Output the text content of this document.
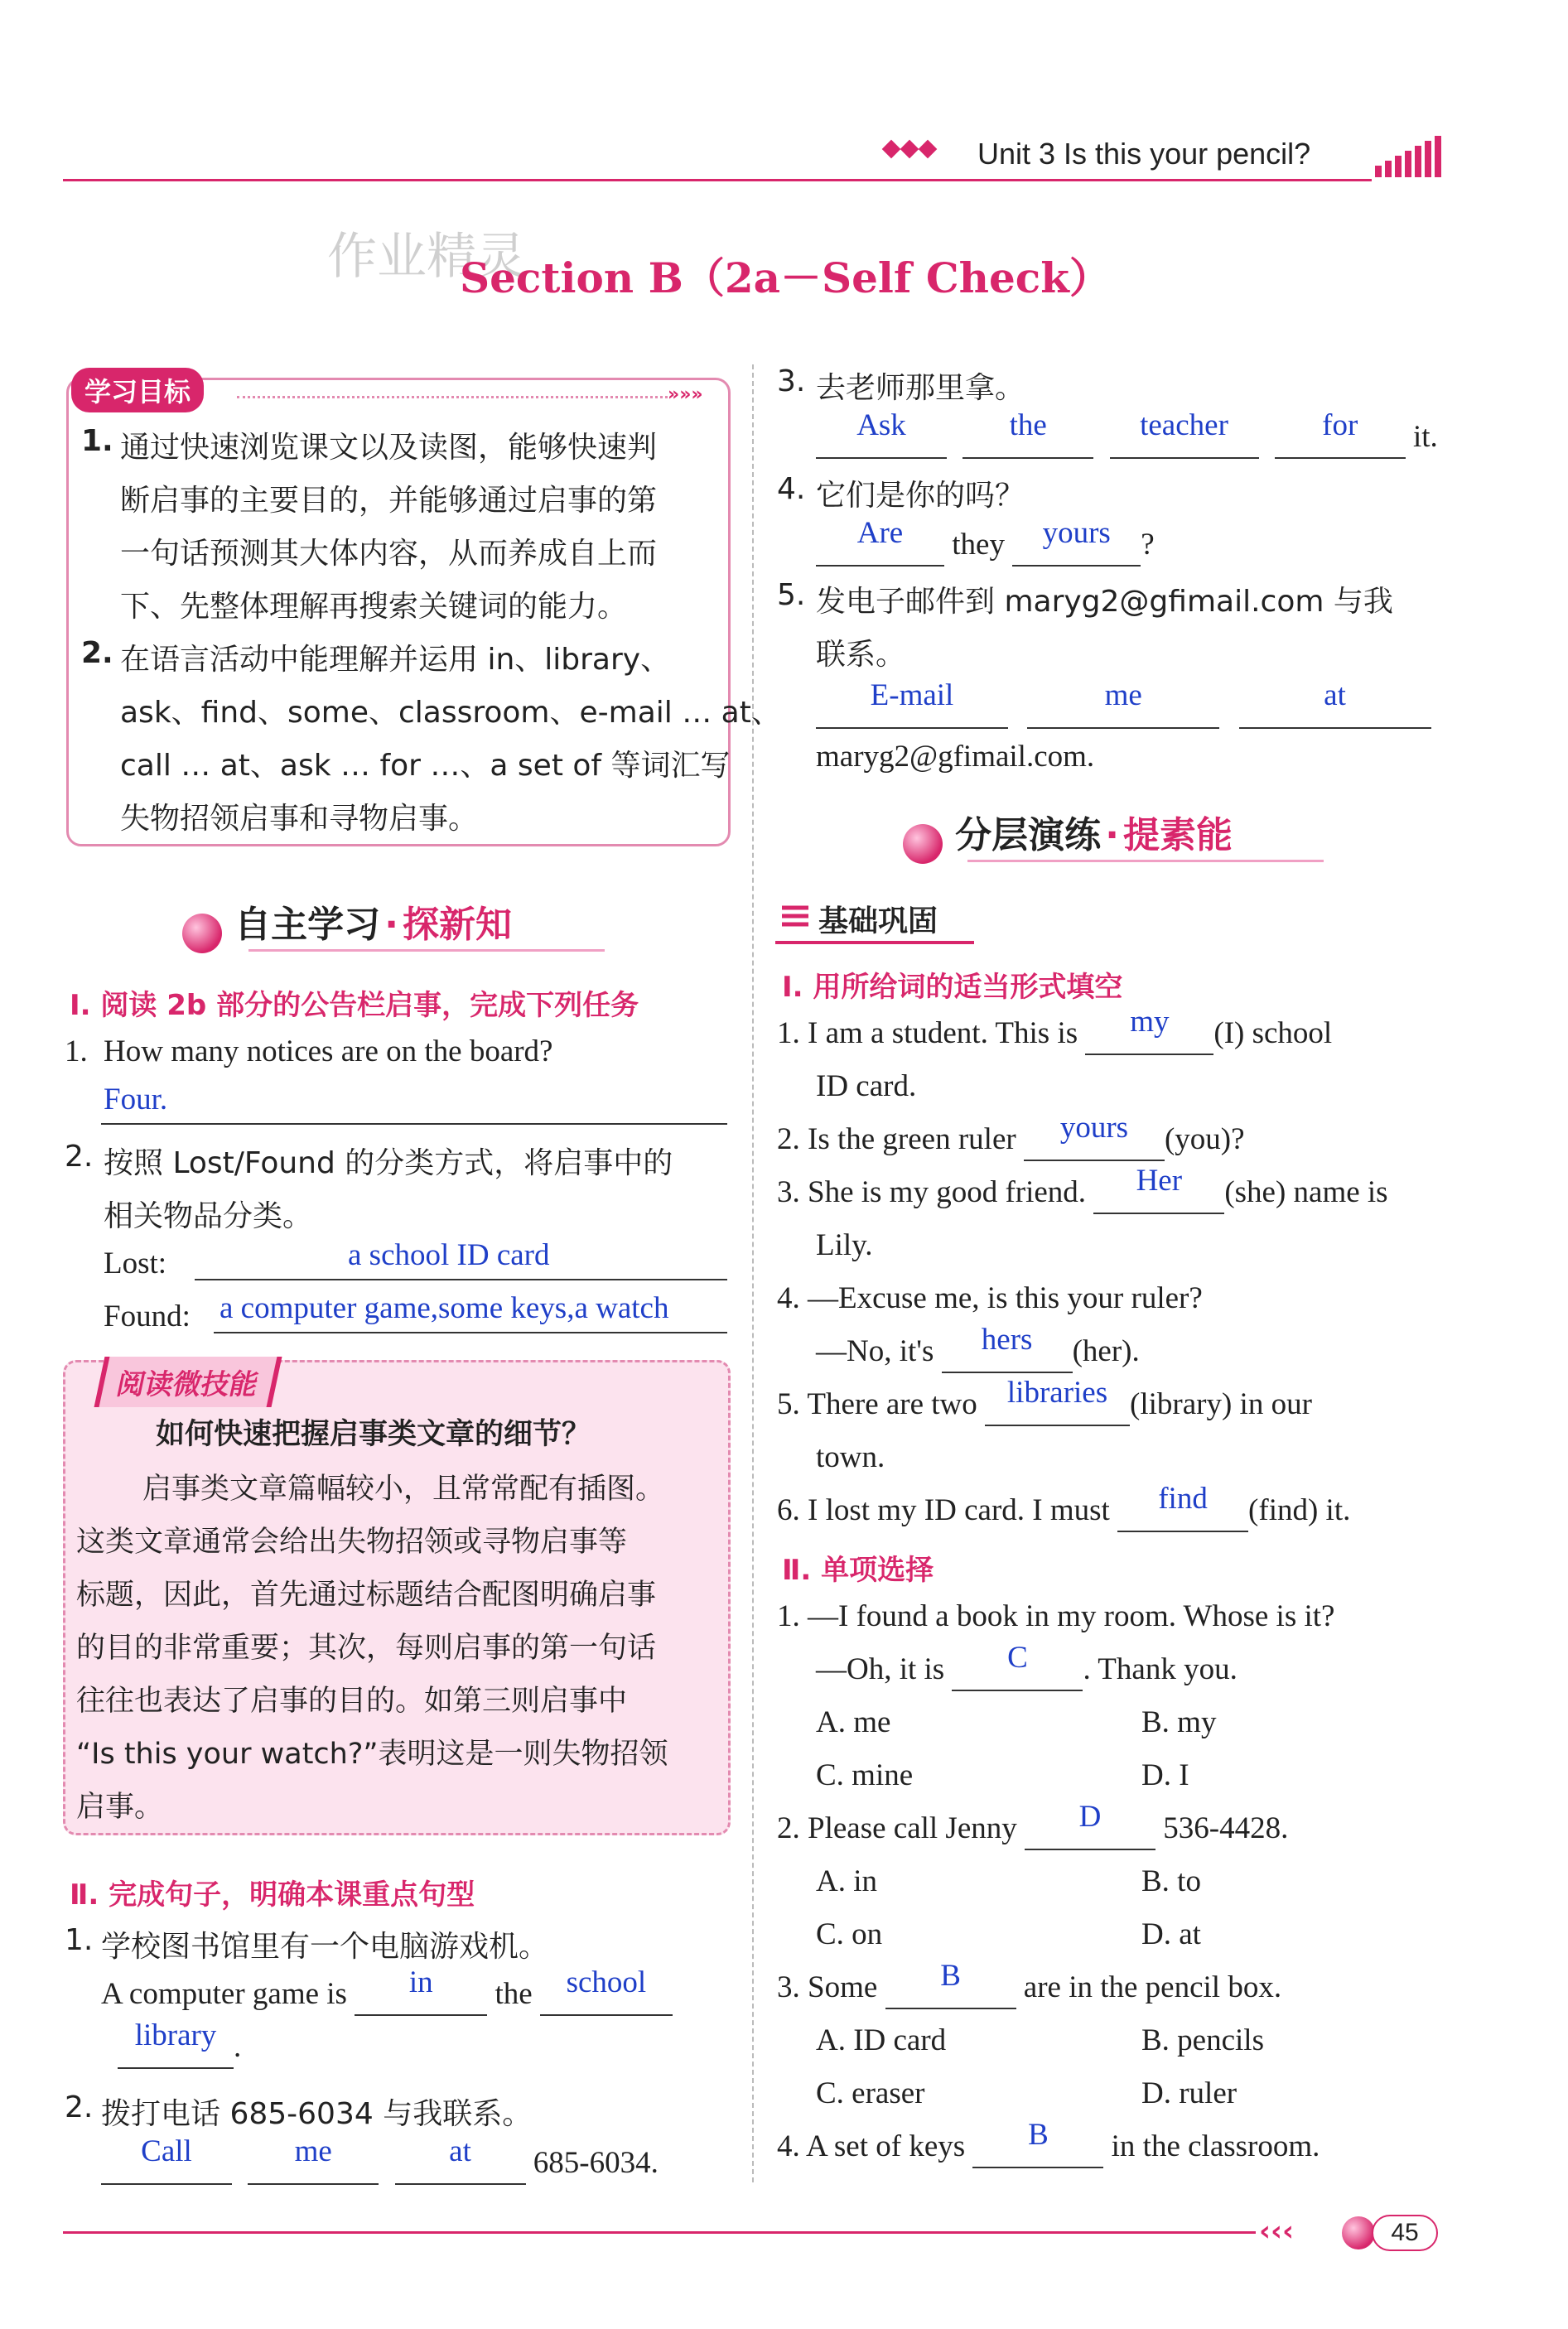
Unit 3 Is this your pencil?
作业精灵
Section B（2a－Self Check）
学习目标	»»»
1. 通过快速浏览课文以及读图，能够快速判
断启事的主要目的，并能够通过启事的第
一句话预测其大体内容，从而养成自上而
下、先整体理解再搜索关键词的能力。
2. 在语言活动中能理解并运用 in、library、
ask、find、some、classroom、e-mail … at、
call … at、ask … for …、a set of 等词汇写
失物招领启事和寻物启事。
自主学习 · 探新知
Ⅰ. 阅读 2b 部分的公告栏启事，完成下列任务
1. How many notices are on the board?
Four.
2. 按照 Lost/Found 的分类方式，将启事中的
相关物品分类。
Lost:	a school ID card
Found: a computer game,some keys,a watch
阅读微技能
如何快速把握启事类文章的细节？
启事类文章篇幅较小，且常常配有插图。
这类文章通常会给出失物招领或寻物启事等
标题，因此，首先通过标题结合配图明确启事
的目的非常重要；其次，每则启事的第一句话
往往也表达了启事的目的。如第三则启事中
“Is this your watch?”表明这是一则失物招领
启事。
Ⅱ. 完成句子，明确本课重点句型
1. 学校图书馆里有一个电脑游戏机。
A computer game is in the school
library .
2. 拨打电话 685-6034 与我联系。
Call	me	at 685-6034.
3. 去老师那里拿。
Ask	the	teacher	for it.
4. 它们是你的吗？
Are they yours ?
5. 发电子邮件到 maryg2@gfimail.com 与我
联系。
E-mail	me	at
maryg2@gfimail.com.
分层演练 · 提素能
基础巩固
Ⅰ. 用所给词的适当形式填空
1. I am a student. This is my (I) school
ID card.
2. Is the green ruler yours (you)?
3. She is my good friend. Her (she) name is
Lily.
4. —Excuse me, is this your ruler?
—No, it's hers (her).
5. There are two libraries (library) in our
town.
6. I lost my ID card. I must find (find) it.
Ⅱ. 单项选择
1. —I found a book in my room. Whose is it?
—Oh, it is C . Thank you.
A. me	B. my
C. mine	D. I
2. Please call Jenny D 536-4428.
A. in	B. to
C. on	D. at
3. Some B are in the pencil box.
A. ID card	B. pencils
C. eraser	D. ruler
4. A set of keys B in the classroom.
‹‹‹	45
